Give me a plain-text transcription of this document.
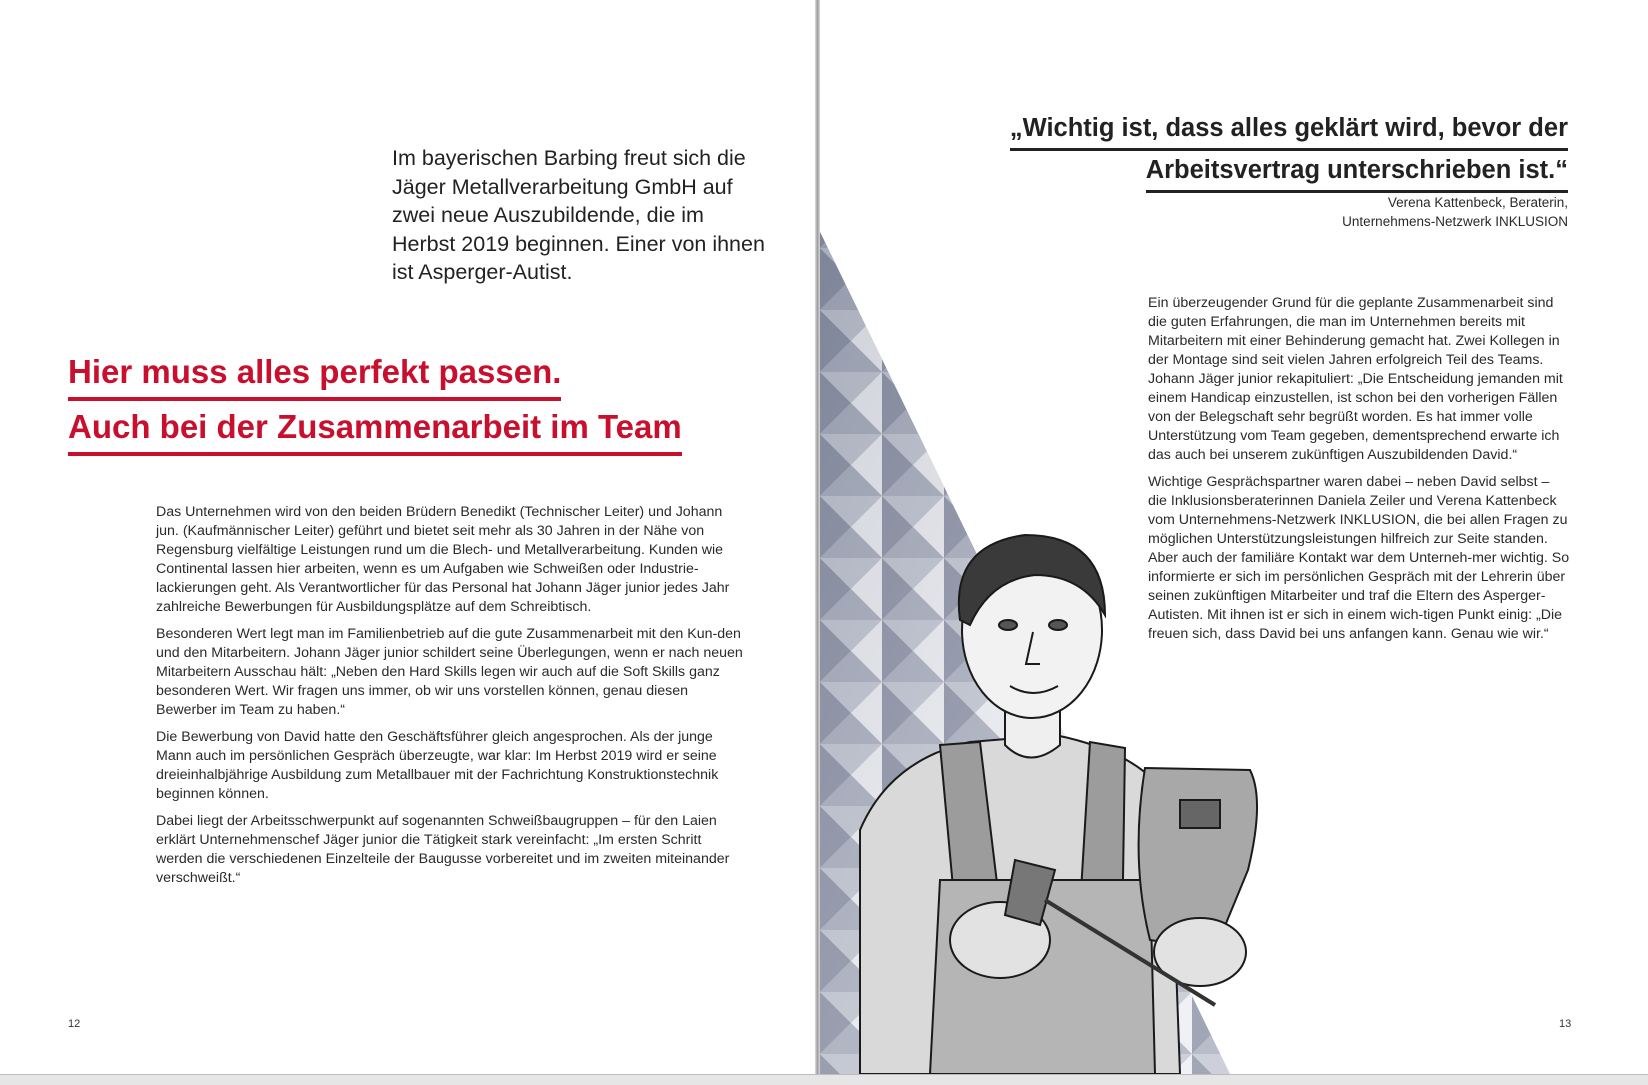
Im bayerischen Barbing freut sich die Jäger Metallverarbeitung GmbH auf zwei neue Auszubildende, die im Herbst 2019 beginnen. Einer von ihnen ist Asperger-Autist.
Hier muss alles perfekt passen.
Auch bei der Zusammenarbeit im Team

Das Unternehmen wird von den beiden Brüdern Benedikt (Technischer Leiter) und Johann jun. (Kaufmännischer Leiter) geführt und bietet seit mehr als 30 Jahren in der Nähe von Regensburg vielfältige Leistungen rund um die Blech- und Metallverarbeitung. Kunden wie Continental lassen hier arbeiten, wenn es um Aufgaben wie Schweißen oder Industrie-lackierungen geht. Als Verantwortlicher für das Personal hat Johann Jäger junior jedes Jahr zahlreiche Bewerbungen für Ausbildungsplätze auf dem Schreibtisch.

Besonderen Wert legt man im Familienbetrieb auf die gute Zusammenarbeit mit den Kun-den und den Mitarbeitern. Johann Jäger junior schildert seine Überlegungen, wenn er nach neuen Mitarbeitern Ausschau hält: „Neben den Hard Skills legen wir auch auf die Soft Skills ganz besonderen Wert. Wir fragen uns immer, ob wir uns vorstellen können, genau diesen Bewerber im Team zu haben.“

Die Bewerbung von David hatte den Geschäftsführer gleich angesprochen. Als der junge Mann auch im persönlichen Gespräch überzeugte, war klar: Im Herbst 2019 wird er seine dreieinhalbjährige Ausbildung zum Metallbauer mit der Fachrichtung Konstruktionstechnik beginnen können.

Dabei liegt der Arbeitsschwerpunkt auf sogenannten Schweißbaugruppen – für den Laien erklärt Unternehmenschef Jäger junior die Tätigkeit stark vereinfacht: „Im ersten Schritt werden die verschiedenen Einzelteile der Baugusse vorbereitet und im zweiten miteinander verschweißt.“

12
„Wichtig ist, dass alles geklärt wird, bevor der
Arbeitsvertrag unterschrieben ist.“
Verena Kattenbeck, Beraterin,
Unternehmens-Netzwerk INKLUSION

Ein überzeugender Grund für die geplante Zusammenarbeit sind die guten Erfahrungen, die man im Unternehmen bereits mit Mitarbeitern mit einer Behinderung gemacht hat. Zwei Kollegen in der Montage sind seit vielen Jahren erfolgreich Teil des Teams. Johann Jäger junior rekapituliert: „Die Entscheidung jemanden mit einem Handicap einzustellen, ist schon bei den vorherigen Fällen von der Belegschaft sehr begrüßt worden. Es hat immer volle Unterstützung vom Team gegeben, dementsprechend erwarte ich das auch bei unserem zukünftigen Auszubildenden David.“

Wichtige Gesprächspartner waren dabei – neben David selbst – die Inklusionsberaterinnen Daniela Zeiler und Verena Kattenbeck vom Unternehmens-Netzwerk INKLUSION, die bei allen Fragen zu möglichen Unterstützungsleistungen hilfreich zur Seite standen. Aber auch der familiäre Kontakt war dem Unterneh-mer wichtig. So informierte er sich im persönlichen Gespräch mit der Lehrerin über seinen zukünftigen Mitarbeiter und traf die Eltern des Asperger-Autisten. Mit ihnen ist er sich in einem wich-tigen Punkt einig: „Die freuen sich, dass David bei uns anfangen kann. Genau wie wir.“

13
